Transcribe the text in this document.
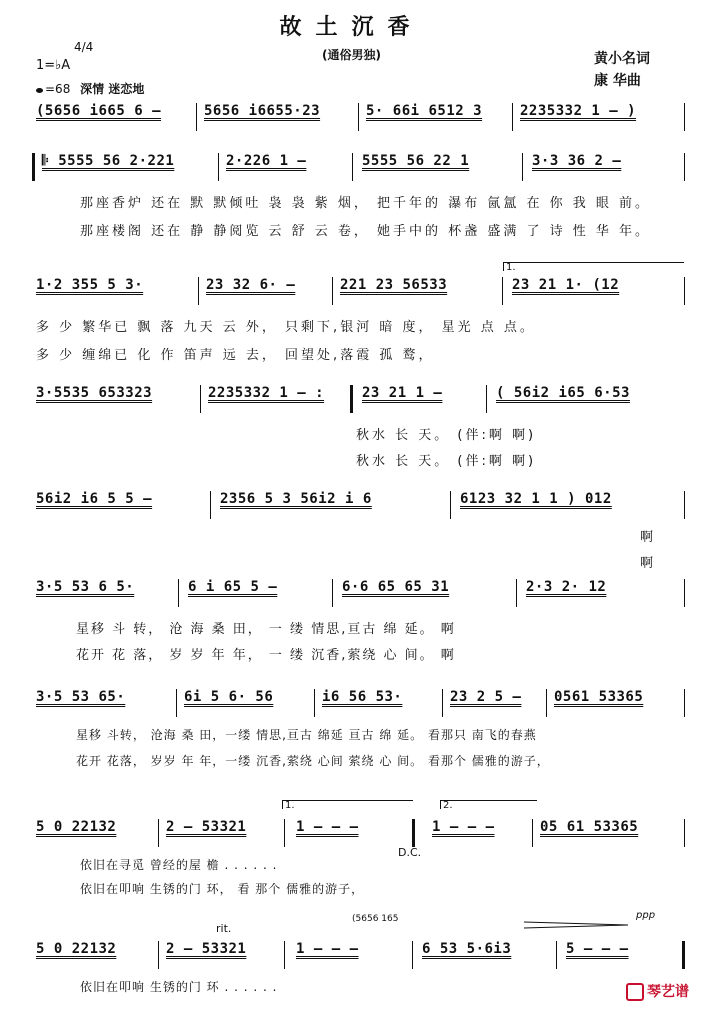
故土沉香
(通俗男独)
1=♭A
4/4
=68 深情 迷恋地
黄小名词
康 华曲
(5656 i665 6 –	5656 i6655·23	5· 66i 6512 3	2235332 1 – )
𝄆 5555 56 2·221	2·226 1 –	5555 56 22 1	3·3 36 2 –
那座香炉 还在 默 默倾吐 袅 袅 紫 烟， 把千年的 瀑布 氤氲 在 你 我 眼 前。
那座楼阁 还在 静 静阅览 云 舒 云 卷， 她手中的 杯盏 盛满 了 诗 性 华 年。
1.
1·2 355 5 3·	23 32 6· –	221 23 56533	23 21 1· (12
多 少 繁华已 飘 落 九天 云 外， 只剩下,银河 暗 度， 星光 点 点。
多 少 缠绵已 化 作 笛声 远 去， 回望处,落霞 孤 鹜，
3·5535 653323	2235332 1 – :	23 21 1 –	( 56i2 i65 6·53
秋水 长 天。 (伴:啊 啊)
秋水 长 天。 (伴:啊 啊)
56i2 i6 5 5 –	2356 5 3 56i2 i 6	6123 32 1 1 ) 012
啊
啊
3·5 53 6 5·	6 i 65 5 –	6·6 65 65 31	2·3 2· 12
星移 斗 转， 沧 海 桑 田， 一 缕 情思,亘古 绵 延。 啊
花开 花 落， 岁 岁 年 年， 一 缕 沉香,萦绕 心 间。 啊
3·5 53 65·	6i 5 6· 56	i6 56 53·	23 2 5 – 0561 53365
星移 斗转， 沧海 桑 田，一缕 情思,亘古 绵延 亘古 绵 延。 看那只 南飞的春燕
花开 花落， 岁岁 年 年，一缕 沉香,萦绕 心间 萦绕 心 间。 看那个 儒雅的游子，
1.	2.
5 0 22132	2 – 53321	1 – – –	1 – – –	05 61 53365
D.C.
依旧在寻觅 曾经的屋 檐 . . . . . .
依旧在叩响 生锈的门 环， 看 那个 儒雅的游子，
rit.
(5656 165	ppp
5 0 22132	2 – 53321	1 – – –	6 53 5·6i3	5 – – –
依旧在叩响 生锈的门 环 . . . . . .	琴艺谱
